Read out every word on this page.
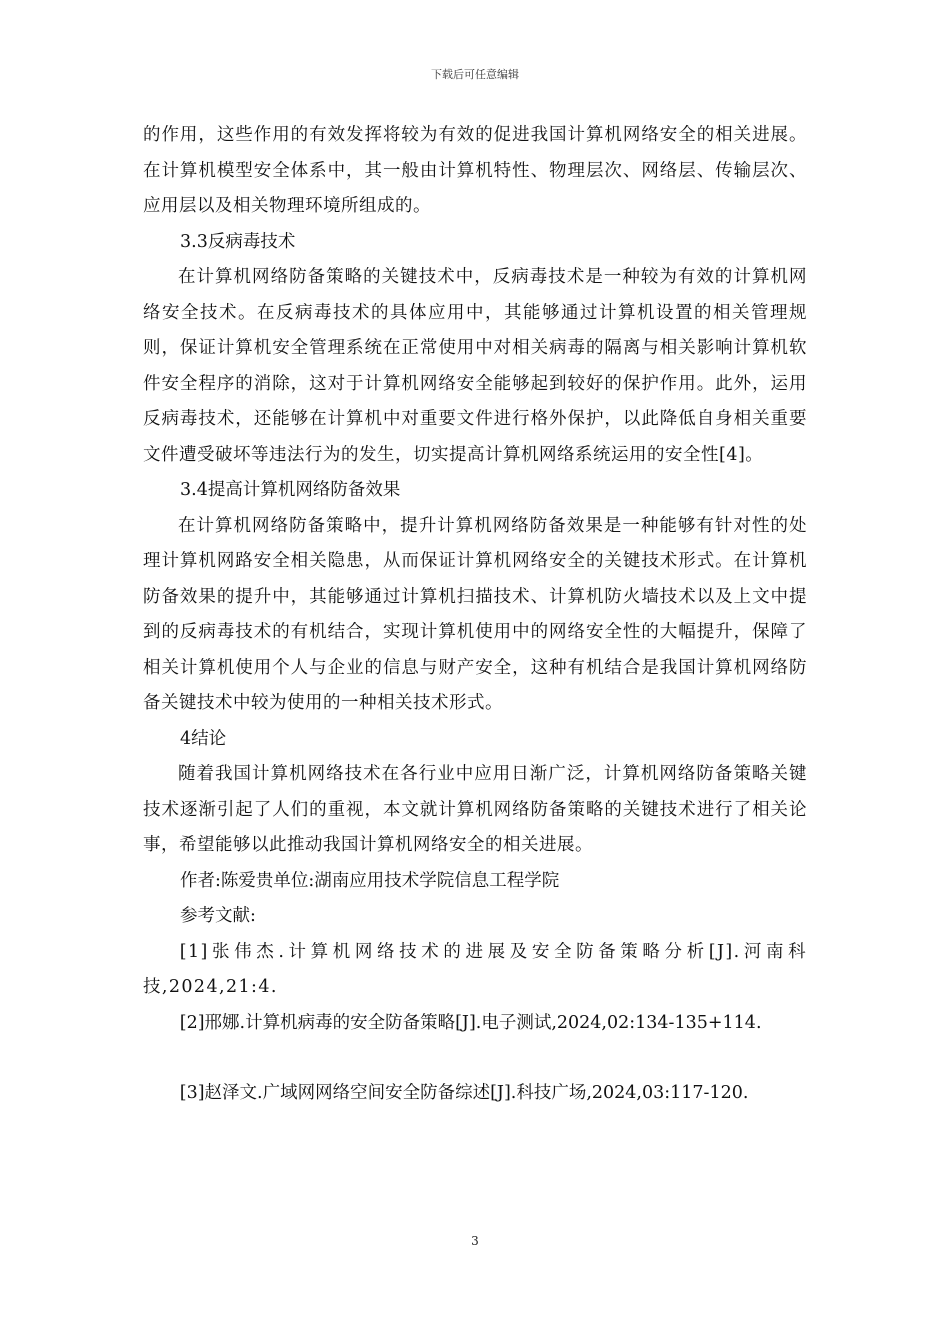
下载后可任意编辑

的作用，这些作用的有效发挥将较为有效的促进我国计算机网络安全的相关进展。在计算机模型安全体系中，其一般由计算机特性、物理层次、网络层、传输层次、应用层以及相关物理环境所组成的。

3.3反病毒技术

在计算机网络防备策略的关键技术中，反病毒技术是一种较为有效的计算机网络安全技术。在反病毒技术的具体应用中，其能够通过计算机设置的相关管理规则，保证计算机安全管理系统在正常使用中对相关病毒的隔离与相关影响计算机软件安全程序的消除，这对于计算机网络安全能够起到较好的保护作用。此外，运用反病毒技术，还能够在计算机中对重要文件进行格外保护，以此降低自身相关重要文件遭受破坏等违法行为的发生，切实提高计算机网络系统运用的安全性[4]。

3.4提高计算机网络防备效果

在计算机网络防备策略中，提升计算机网络防备效果是一种能够有针对性的处理计算机网路安全相关隐患，从而保证计算机网络安全的关键技术形式。在计算机防备效果的提升中，其能够通过计算机扫描技术、计算机防火墙技术以及上文中提到的反病毒技术的有机结合，实现计算机使用中的网络安全性的大幅提升，保障了相关计算机使用个人与企业的信息与财产安全，这种有机结合是我国计算机网络防备关键技术中较为使用的一种相关技术形式。

4结论

随着我国计算机网络技术在各行业中应用日渐广泛，计算机网络防备策略关键技术逐渐引起了人们的重视，本文就计算机网络防备策略的关键技术进行了相关论事，希望能够以此推动我国计算机网络安全的相关进展。

作者:陈爱贵单位:湖南应用技术学院信息工程学院

参考文献:

[1]张伟杰.计算机网络技术的进展及安全防备策略分析[J].河南科技,2024,21:4.

[2]邢娜.计算机病毒的安全防备策略[J].电子测试,2024,02:134-135+114.

[3]赵泽文.广域网网络空间安全防备综述[J].科技广场,2024,03:117-120.

3
